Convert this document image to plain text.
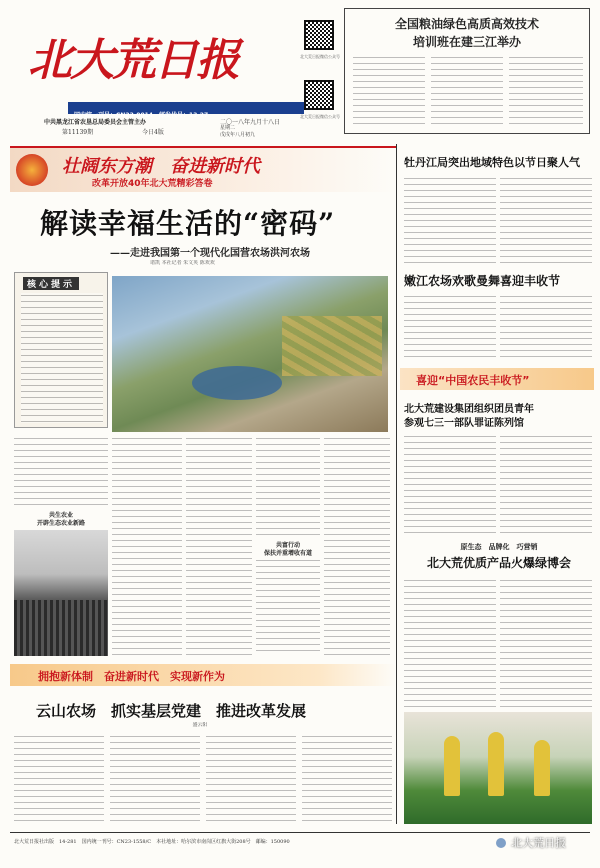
北大荒日报
国内统一刊号：CN23-0014　邮发代号：13-27
中共黑龙江省农垦总局委员会主管主办
第11139期	今日4版
二〇一八年九月十八日
星期二
戊戌年八月初九
北大荒日报微信公众号
北大荒日报微信公众号
全国粮油绿色高质高效技术
培训班在建三江举办
壮阔东方潮　奋进新时代
改革开放40年北大荒精彩答卷
解读幸福生活的“密码”
——走进我国第一个现代化国营农场洪河农场
诸凯 本社记者 朱文英 陈欢欢
核心提示
共生农业
开辟生态农业新路
共富行动
保扶并重增收有道
牡丹江局突出地域特色以节日聚人气
嫩江农场欢歌曼舞喜迎丰收节
喜迎“中国农民丰收节”
北大荒建设集团组织团员青年
参观七三一部队罪证陈列馆
原生态　品牌化　巧营销
北大荒优质产品火爆绿博会
拥抱新体制　奋进新时代　实现新作为
云山农场　抓实基层党建　推进改革发展
盛云阳
北大荒日报社出版　14-281　国内统一刊号：CN23-1558/C　本社地址：哈尔滨市南岗区红旗大街208号　邮编：150090	北大荒日报
